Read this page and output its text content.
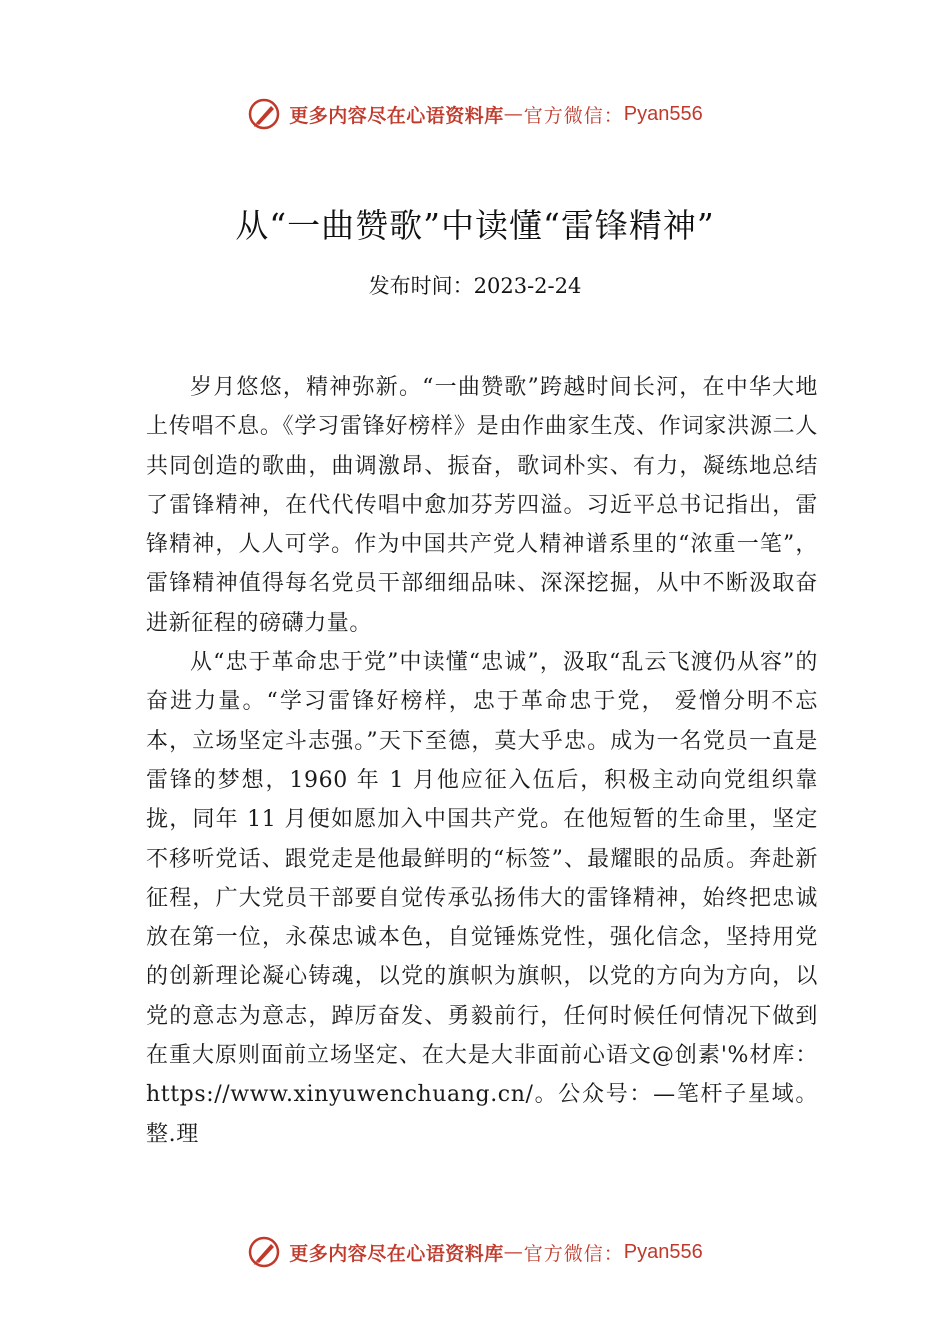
更多内容尽在心语资料库 — 官方微信： Pyan556
从“一曲赞歌”中读懂“雷锋精神”
发布时间：2023-2-24

岁月悠悠，精神弥新。“一曲赞歌”跨越时间长河，在中华大地上传唱不息。《学习雷锋好榜样》是由作曲家生茂、作词家洪源二人共同创造的歌曲，曲调激昂、振奋，歌词朴实、有力，凝练地总结了雷锋精神，在代代传唱中愈加芬芳四溢。习近平总书记指出，雷锋精神，人人可学。作为中国共产党人精神谱系里的“浓重一笔”，雷锋精神值得每名党员干部细细品味、深深挖掘，从中不断汲取奋进新征程的磅礴力量。

从“忠于革命忠于党”中读懂“忠诚”，汲取“乱云飞渡仍从容”的奋进力量。“学习雷锋好榜样，忠于革命忠于党， 爱憎分明不忘本，立场坚定斗志强。”天下至德，莫大乎忠。成为一名党员一直是雷锋的梦想，1960 年 1 月他应征入伍后，积极主动向党组织靠拢，同年 11 月便如愿加入中国共产党。在他短暂的生命里，坚定不移听党话、跟党走是他最鲜明的“标签”、最耀眼的品质。奔赴新征程，广大党员干部要自觉传承弘扬伟大的雷锋精神，始终把忠诚放在第一位，永葆忠诚本色，自觉锤炼党性，强化信念，坚持用党的创新理论凝心铸魂，以党的旗帜为旗帜，以党的方向为方向，以党的意志为意志，踔厉奋发、勇毅前行，任何时候任何情况下做到在重大原则面前立场坚定、在大是大非面前心语文@创素'%材库：https://www.xinyuwenchuang.cn/。公众号：—笔杆子星域。整.理

更多内容尽在心语资料库 — 官方微信： Pyan556
